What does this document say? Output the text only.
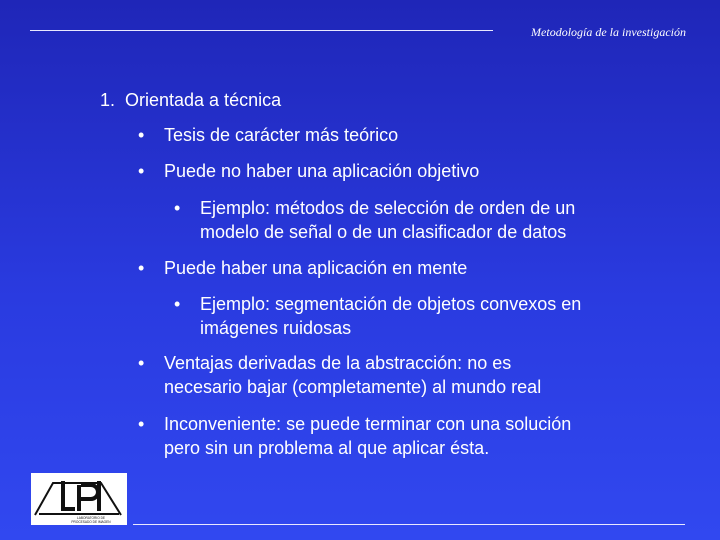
Metodología de la investigación
1. Orientada a técnica
•	Tesis de carácter más teórico
•	Puede no haber una aplicación objetivo
•	Ejemplo: métodos de selección de orden de un
modelo de señal o de un clasificador de datos
•	Puede haber una aplicación en mente
•	Ejemplo: segmentación de objetos convexos en
imágenes ruidosas
•	Ventajas derivadas de la abstracción: no es
necesario bajar (completamente) al mundo real
•	Inconveniente: se puede terminar con una solución
pero sin un problema al que aplicar ésta.
LABORATORIO DE
PROCESADO DE IMAGEN
